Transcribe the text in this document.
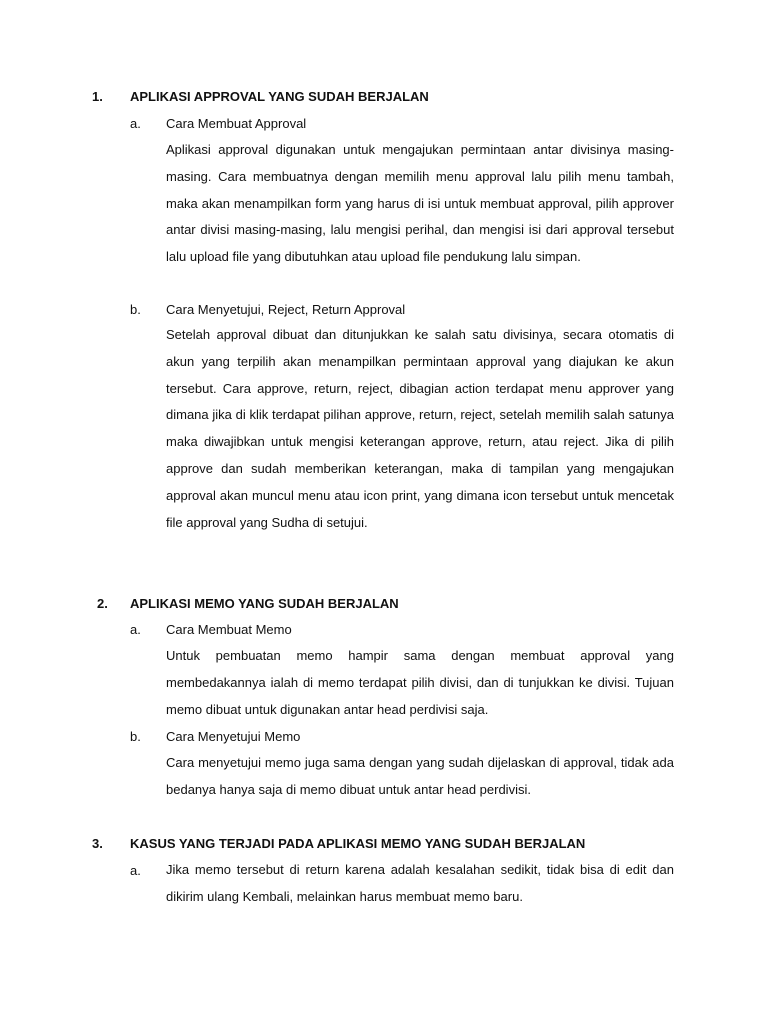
1. APLIKASI APPROVAL YANG SUDAH BERJALAN
a. Cara Membuat Approval
Aplikasi approval digunakan untuk mengajukan permintaan antar divisinya masing-masing. Cara membuatnya dengan memilih menu approval lalu pilih menu tambah, maka akan menampilkan form yang harus di isi untuk membuat approval, pilih approver antar divisi masing-masing, lalu mengisi perihal, dan mengisi isi dari approval tersebut lalu upload file yang dibutuhkan atau upload file pendukung lalu simpan.
b. Cara Menyetujui, Reject, Return Approval
Setelah approval dibuat dan ditunjukkan ke salah satu divisinya, secara otomatis di akun yang terpilih akan menampilkan permintaan approval yang diajukan ke akun tersebut. Cara approve, return, reject, dibagian action terdapat menu approver yang dimana jika di klik terdapat pilihan approve, return, reject, setelah memilih salah satunya maka diwajibkan untuk mengisi keterangan approve, return, atau reject. Jika di pilih approve dan sudah memberikan keterangan, maka di tampilan yang mengajukan approval akan muncul menu atau icon print, yang dimana icon tersebut untuk mencetak file approval yang Sudha di setujui.
2. APLIKASI MEMO YANG SUDAH BERJALAN
a. Cara Membuat Memo
Untuk pembuatan memo hampir sama dengan membuat approval yang membedakannya ialah di memo terdapat pilih divisi, dan di tunjukkan ke divisi. Tujuan memo dibuat untuk digunakan antar head perdivisi saja.
b. Cara Menyetujui Memo
Cara menyetujui memo juga sama dengan yang sudah dijelaskan di approval, tidak ada bedanya hanya saja di memo dibuat untuk antar head perdivisi.
3. KASUS YANG TERJADI PADA APLIKASI MEMO YANG SUDAH BERJALAN
a. Jika memo tersebut di return karena adalah kesalahan sedikit, tidak bisa di edit dan dikirim ulang Kembali, melainkan harus membuat memo baru.
